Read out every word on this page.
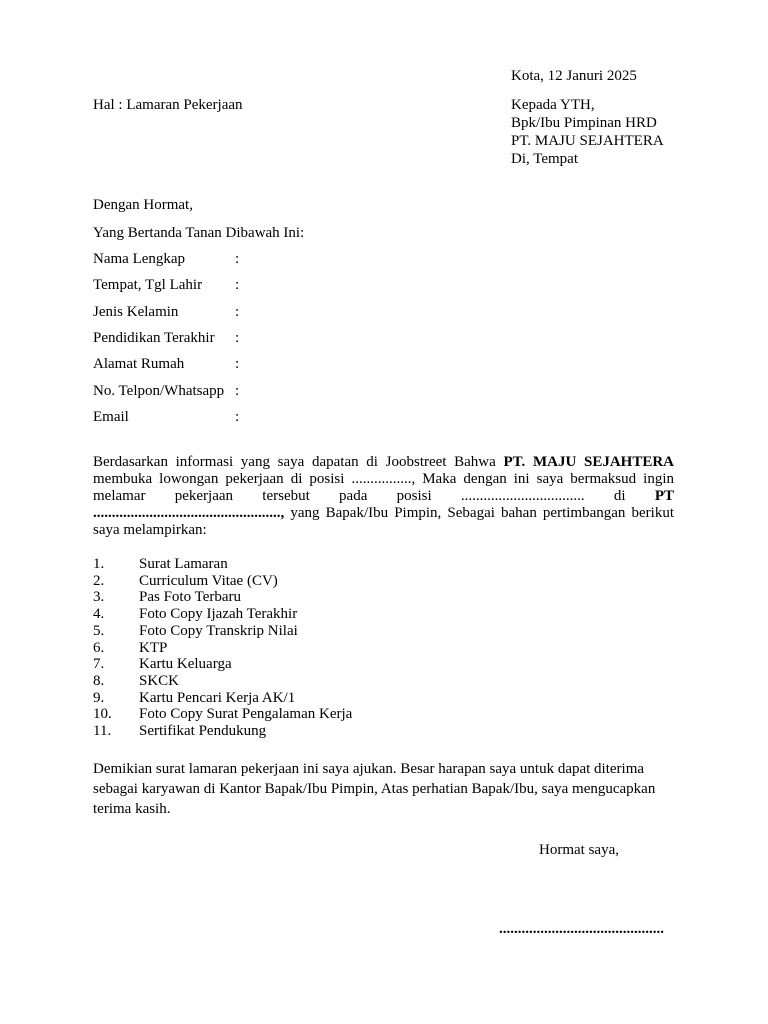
Kota, 12 Januri 2025
Hal : Lamaran Pekerjaan	Kepada YTH,
Bpk/Ibu Pimpinan HRD
PT. MAJU SEJAHTERA
Di, Tempat
Dengan Hormat,
Yang Bertanda Tanan Dibawah Ini:
Nama Lengkap	:
Tempat, Tgl Lahir :
Jenis Kelamin	:
Pendidikan Terakhir :
Alamat Rumah	:
No. Telpon/Whatsapp :
Email	:
Berdasarkan informasi yang saya dapatan di Joobstreet Bahwa PT. MAJU SEJAHTERA membuka lowongan pekerjaan di posisi ................, Maka dengan ini saya bermaksud ingin melamar pekerjaan tersebut pada posisi ................................. di PT .................................................., yang Bapak/Ibu Pimpin, Sebagai bahan pertimbangan berikut saya melampirkan:
1.	Surat Lamaran
2.	Curriculum Vitae (CV)
3.	Pas Foto Terbaru
4.	Foto Copy Ijazah Terakhir
5.	Foto Copy Transkrip Nilai
6.	KTP
7.	Kartu Keluarga
8.	SKCK
9.	Kartu Pencari Kerja AK/1
10.	Foto Copy Surat Pengalaman Kerja
11.	Sertifikat Pendukung
Demikian surat lamaran pekerjaan ini saya ajukan. Besar harapan saya untuk dapat diterima sebagai karyawan di Kantor Bapak/Ibu Pimpin, Atas perhatian Bapak/Ibu, saya mengucapkan terima kasih.
Hormat saya,
............................................
